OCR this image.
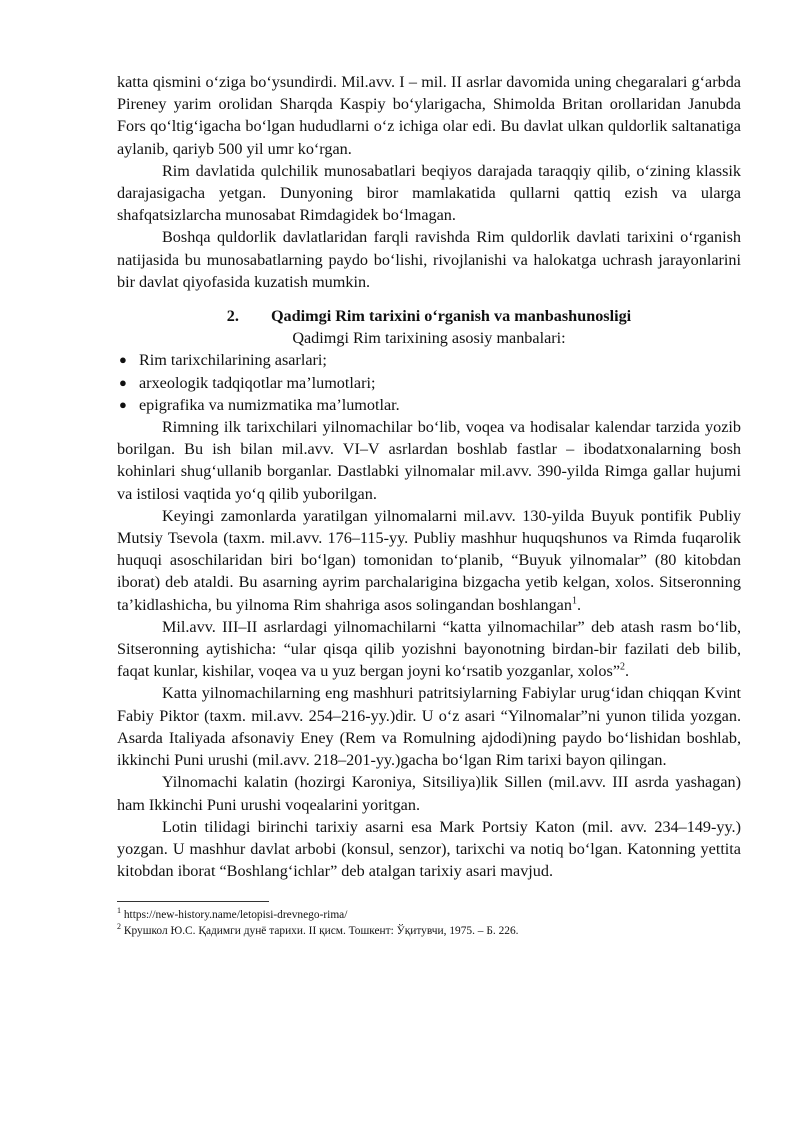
katta qismini o‘ziga bo‘ysundirdi. Mil.avv. I – mil. II asrlar davomida uning chegaralari g‘arbda Pireney yarim orolidan Sharqda Kaspiy bo‘ylarigacha, Shimolda Britan orollaridan Janubda Fors qo‘ltig‘igacha bo‘lgan hududlarni o‘z ichiga olar edi. Bu davlat ulkan quldorlik saltanatiga aylanib, qariyb 500 yil umr ko‘rgan.

Rim davlatida qulchilik munosabatlari beqiyos darajada taraqqiy qilib, o‘zining klassik darajasigacha yetgan. Dunyoning biror mamlakatida qullarni qattiq ezish va ularga shafqatsizlarcha munosabat Rimdagidek bo‘lmagan.

Boshqa quldorlik davlatlaridan farqli ravishda Rim quldorlik davlati tarixini o‘rganish natijasida bu munosabatlarning paydo bo‘lishi, rivojlanishi va halokatga uchrash jarayonlarini bir davlat qiyofasida kuzatish mumkin.

2. Qadimgi Rim tarixini o‘rganish va manbashunosligi

Qadimgi Rim tarixining asosiy manbalari:

● Rim tarixchilarining asarlari;
● arxeologik tadqiqotlar ma’lumotlari;
● epigrafika va numizmatika ma’lumotlar.

Rimning ilk tarixchilari yilnomachilar bo‘lib, voqea va hodisalar kalendar tarzida yozib borilgan. Bu ish bilan mil.avv. VI–V asrlardan boshlab fastlar – ibodatxonalarning bosh kohinlari shug‘ullanib borganlar. Dastlabki yilnomalar mil.avv. 390-yilda Rimga gallar hujumi va istilosi vaqtida yo‘q qilib yuborilgan.

Keyingi zamonlarda yaratilgan yilnomalarni mil.avv. 130-yilda Buyuk pontifik Publiy Mutsiy Tsevola (taxm. mil.avv. 176–115-yy. Publiy mashhur huquqshunos va Rimda fuqarolik huquqi asoschilaridan biri bo‘lgan) tomonidan to‘planib, “Buyuk yilnomalar” (80 kitobdan iborat) deb ataldi. Bu asarning ayrim parchalarigina bizgacha yetib kelgan, xolos. Sitseronning ta’kidlashicha, bu yilnoma Rim shahriga asos solingandan boshlangan$^1$.

Mil.avv. III–II asrlardagi yilnomachilarni “katta yilnomachilar” deb atash rasm bo‘lib, Sitseronning aytishicha: “ular qisqa qilib yozishni bayonotning birdan-bir fazilati deb bilib, faqat kunlar, kishilar, voqea va u yuz bergan joyni ko‘rsatib yozganlar, xolos”$^2$.

Katta yilnomachilarning eng mashhuri patritsiylarning Fabiylar urug‘idan chiqqan Kvint Fabiy Piktor (taxm. mil.avv. 254–216-yy.)dir. U o‘z asari “Yilnomalar”ni yunon tilida yozgan. Asarda Italiyada afsonaviy Eney (Rem va Romulning ajdodi)ning paydo bo‘lishidan boshlab, ikkinchi Puni urushi (mil.avv. 218–201-yy.)gacha bo‘lgan Rim tarixi bayon qilingan.

Yilnomachi kalatin (hozirgi Karoniya, Sitsiliya)lik Sillen (mil.avv. III asrda yashagan) ham Ikkinchi Puni urushi voqealarini yoritgan.

Lotin tilidagi birinchi tarixiy asarni esa Mark Portsiy Katon (mil. avv. 234–149-yy.) yozgan. U mashhur davlat arbobi (konsul, senzor), tarixchi va notiq bo‘lgan. Katonning yettita kitobdan iborat “Boshlang‘ichlar” deb atalgan tarixiy asari mavjud.

$^1$ https://new-history.name/letopisi-drevnego-rima/

$^2$ Крушкол Ю.С. Қадимги дунё тарихи. II қисм. Тошкент: Ўқитувчи, 1975. – Б. 226.
